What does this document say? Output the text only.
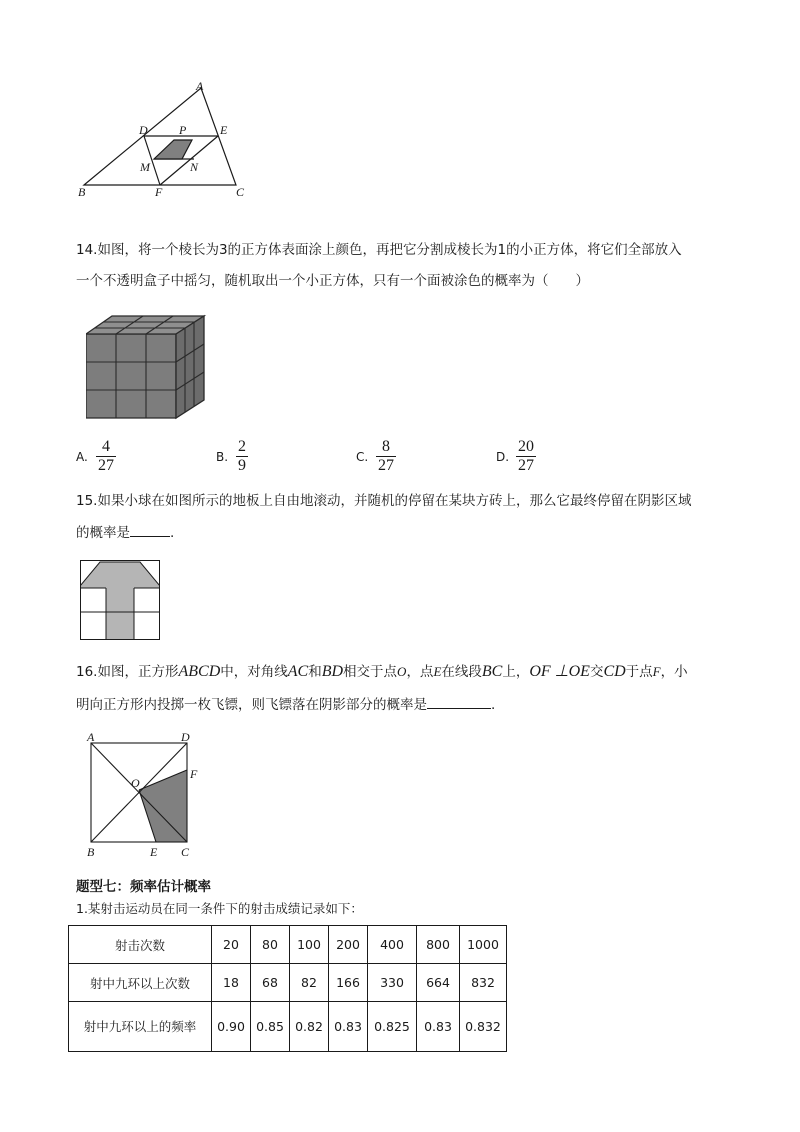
A
B	C
D	E
F
M	N
P
14.如图，将一个棱长为3的正方体表面涂上颜色，再把它分割成棱长为1的小正方体，将它们全部放入
一个不透明盒子中摇匀，随机取出一个小正方体，只有一个面被涂色的概率为（　　）
A.
4
27	B.
2
9	C.
8
27	D.
20
27
15.如果小球在如图所示的地板上自由地滚动，并随机的停留在某块方砖上，那么它最终停留在阴影区域
的概率是	.
16.如图，正方形ABCD中，对角线AC和BD相交于点O，点E在线段BC上，OF ⊥OE交CD于点F，小
明向正方形内投掷一枚飞镖，则飞镖落在阴影部分的概率是	.
A	D
O
F
B	E C
题型七：频率估计概率
1.某射击运动员在同一条件下的射击成绩记录如下：
射击次数	20	80	100	200	400	800	1000
射中九环以上次数	18	68	82	166	330	664	832
射中九环以上的频率	0.90	0.85	0.82	0.83	0.825	0.83	0.832
